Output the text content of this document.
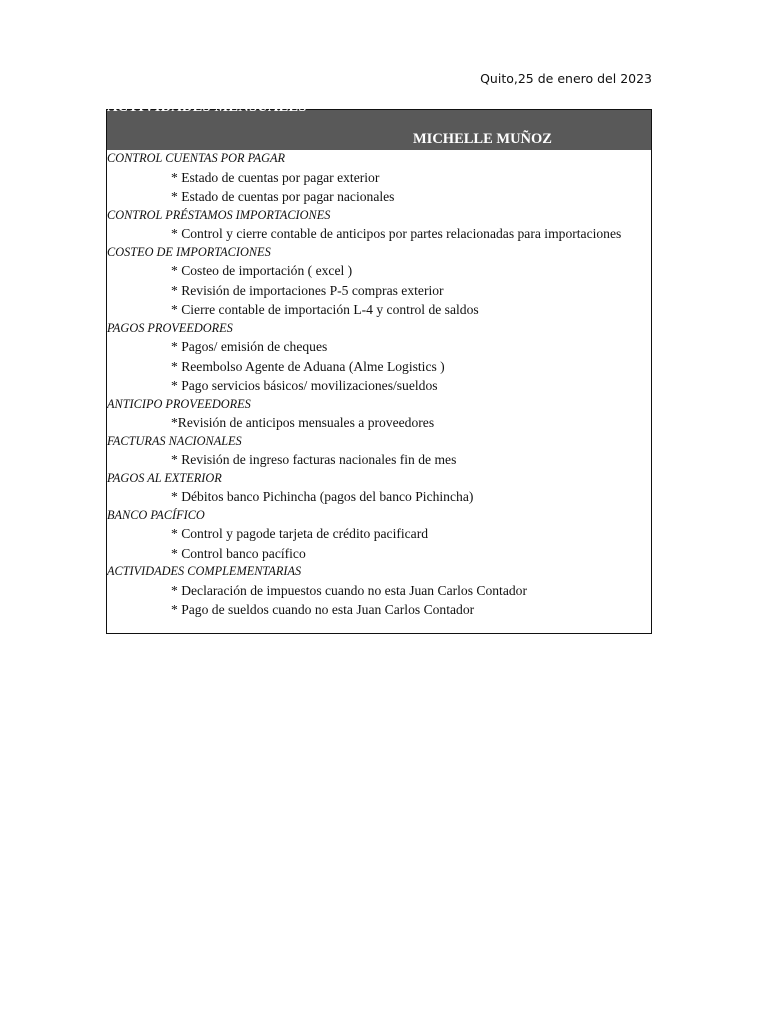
Quito,25 de enero del 2023
ACTIVIDADES MENSUALES
MICHELLE MUÑOZ
CONTROL CUENTAS POR PAGAR
* Estado de cuentas por pagar exterior
* Estado de cuentas por pagar nacionales
CONTROL PRÉSTAMOS IMPORTACIONES
* Control y cierre contable de anticipos por partes relacionadas para importaciones
COSTEO DE IMPORTACIONES
* Costeo de importación ( excel )
* Revisión de importaciones P-5 compras exterior
* Cierre contable de importación L-4 y control de saldos
PAGOS PROVEEDORES
* Pagos/ emisión de cheques
* Reembolso Agente de Aduana (Alme Logistics )
* Pago servicios básicos/ movilizaciones/sueldos
ANTICIPO PROVEEDORES
*Revisión de anticipos mensuales a proveedores
FACTURAS NACIONALES
* Revisión de ingreso facturas nacionales fin de mes
PAGOS AL EXTERIOR
* Débitos banco Pichincha (pagos del banco Pichincha)
BANCO PACÍFICO
* Control y pagode tarjeta de crédito pacificard
* Control banco pacífico
ACTIVIDADES COMPLEMENTARIAS
* Declaración de impuestos cuando no esta Juan Carlos Contador
* Pago de sueldos cuando no esta Juan Carlos Contador
